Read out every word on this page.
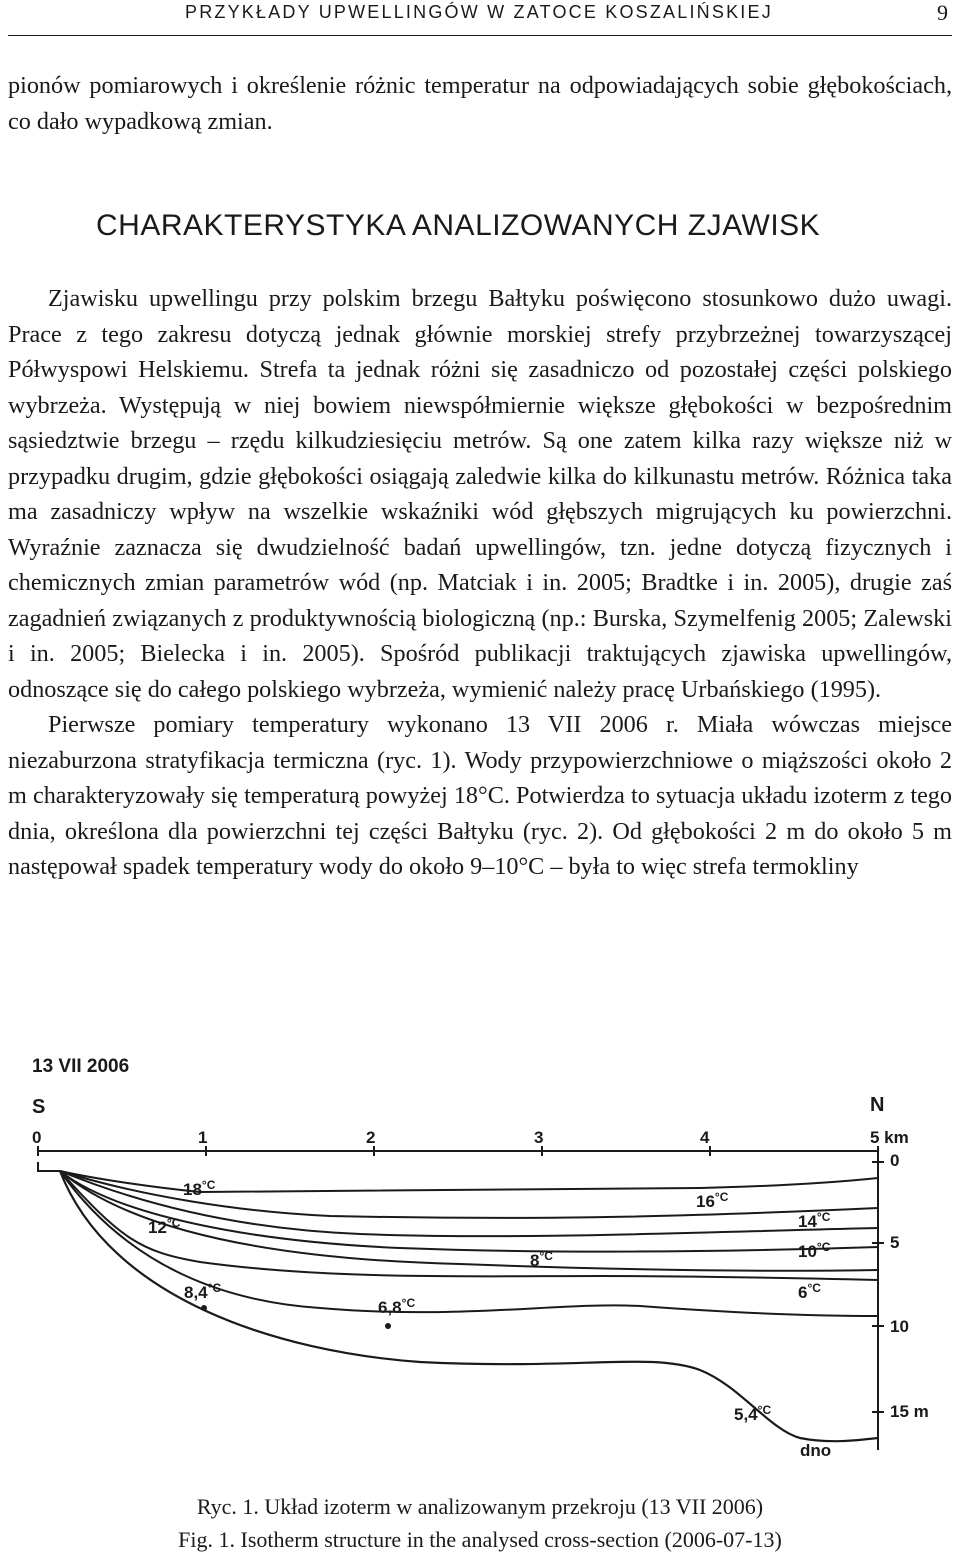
PRZYKŁADY UPWELLINGÓW W ZATOCE KOSZALIŃSKIEJ	9

pionów pomiarowych i określenie różnic temperatur na odpowiadających sobie głębokościach, co dało wypadkową zmian.

CHARAKTERYSTYKA ANALIZOWANYCH ZJAWISK

Zjawisku upwellingu przy polskim brzegu Bałtyku poświęcono stosunkowo dużo uwagi. Prace z tego zakresu dotyczą jednak głównie morskiej strefy przybrzeżnej towarzyszącej Półwyspowi Helskiemu. Strefa ta jednak różni się zasadniczo od pozostałej części polskiego wybrzeża. Występują w niej bowiem niewspółmiernie większe głębokości w bezpośrednim sąsiedztwie brzegu – rzędu kilkudziesięciu metrów. Są one zatem kilka razy większe niż w przypadku drugim, gdzie głębokości osiągają zaledwie kilka do kilkunastu metrów. Różnica taka ma zasadniczy wpływ na wszelkie wskaźniki wód głębszych migrujących ku powierzchni. Wyraźnie zaznacza się dwudzielność badań upwellingów, tzn. jedne dotyczą fizycznych i chemicznych zmian parametrów wód (np. Matciak i in. 2005; Bradtke i in. 2005), drugie zaś zagadnień związanych z produktywnością biologiczną (np.: Burska, Szymelfenig 2005; Zalewski i in. 2005; Bielecka i in. 2005). Spośród publikacji traktujących zjawiska upwellingów, odnoszące się do całego polskiego wybrzeża, wymienić należy pracę Urbańskiego (1995).
Pierwsze pomiary temperatury wykonano 13 VII 2006 r. Miała wówczas miejsce niezaburzona stratyfikacja termiczna (ryc. 1). Wody przypowierzchniowe o miąższości około 2 m charakteryzowały się temperaturą powyżej 18°C. Potwierdza to sytuacja układu izoterm z tego dnia, określona dla powierzchni tej części Bałtyku (ryc. 2). Od głębokości 2 m do około 5 m następował spadek temperatury wody do około 9–10°C – była to więc strefa termokliny

13 VII 2006
S	N
0	1	2	3	4	5 km
0
5
10
15 m
dno
$18^{^\circ C}$
$16^{^\circ C}$
$14^{^\circ C}$
$12^{^\circ C}$
$10^{^\circ C}$
$8^{^\circ C}$
$6^{^\circ C}$
$8,4^{^\circ C}$
$6,8^{^\circ C}$
$5,4^{^\circ C}$
Ryc. 1. Układ izoterm w analizowanym przekroju (13 VII 2006)
Fig. 1. Isotherm structure in the analysed cross-section (2006-07-13)
